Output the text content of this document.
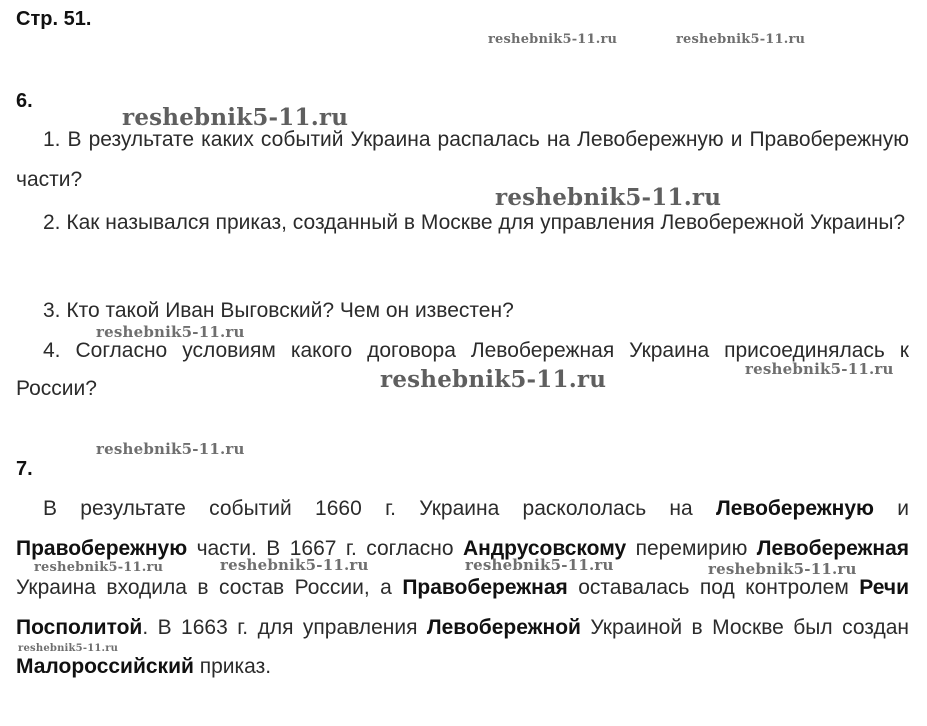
Стр. 51.
6.

1. В результате каких событий Украина распалась на Левобережную и Правобережную части?

2. Как назывался приказ, созданный в Москве для управления Левобережной Украины?

3. Кто такой Иван Выговский? Чем он известен?

4. Согласно условиям какого договора Левобережная Украина присоединялась к России?

7.

В результате событий 1660 г. Украина раскололась на Левобережную и Правобережную части. В 1667 г. согласно Андрусовскому перемирию Левобережная Украина входила в состав России, а Правобережная оставалась под контролем Речи Посполитой. В 1663 г. для управления Левобережной Украиной в Москве был создан Малороссийский приказ.

reshebnik5-11.ru	reshebnik5-11.ru
reshebnik5-11.ru
reshebnik5-11.ru
reshebnik5-11.ru
reshebnik5-11.ru	reshebnik5-11.ru
reshebnik5-11.ru
reshebnik5-11.ru	reshebnik5-11.ru	reshebnik5-11.ru	reshebnik5-11.ru
reshebnik5-11.ru
